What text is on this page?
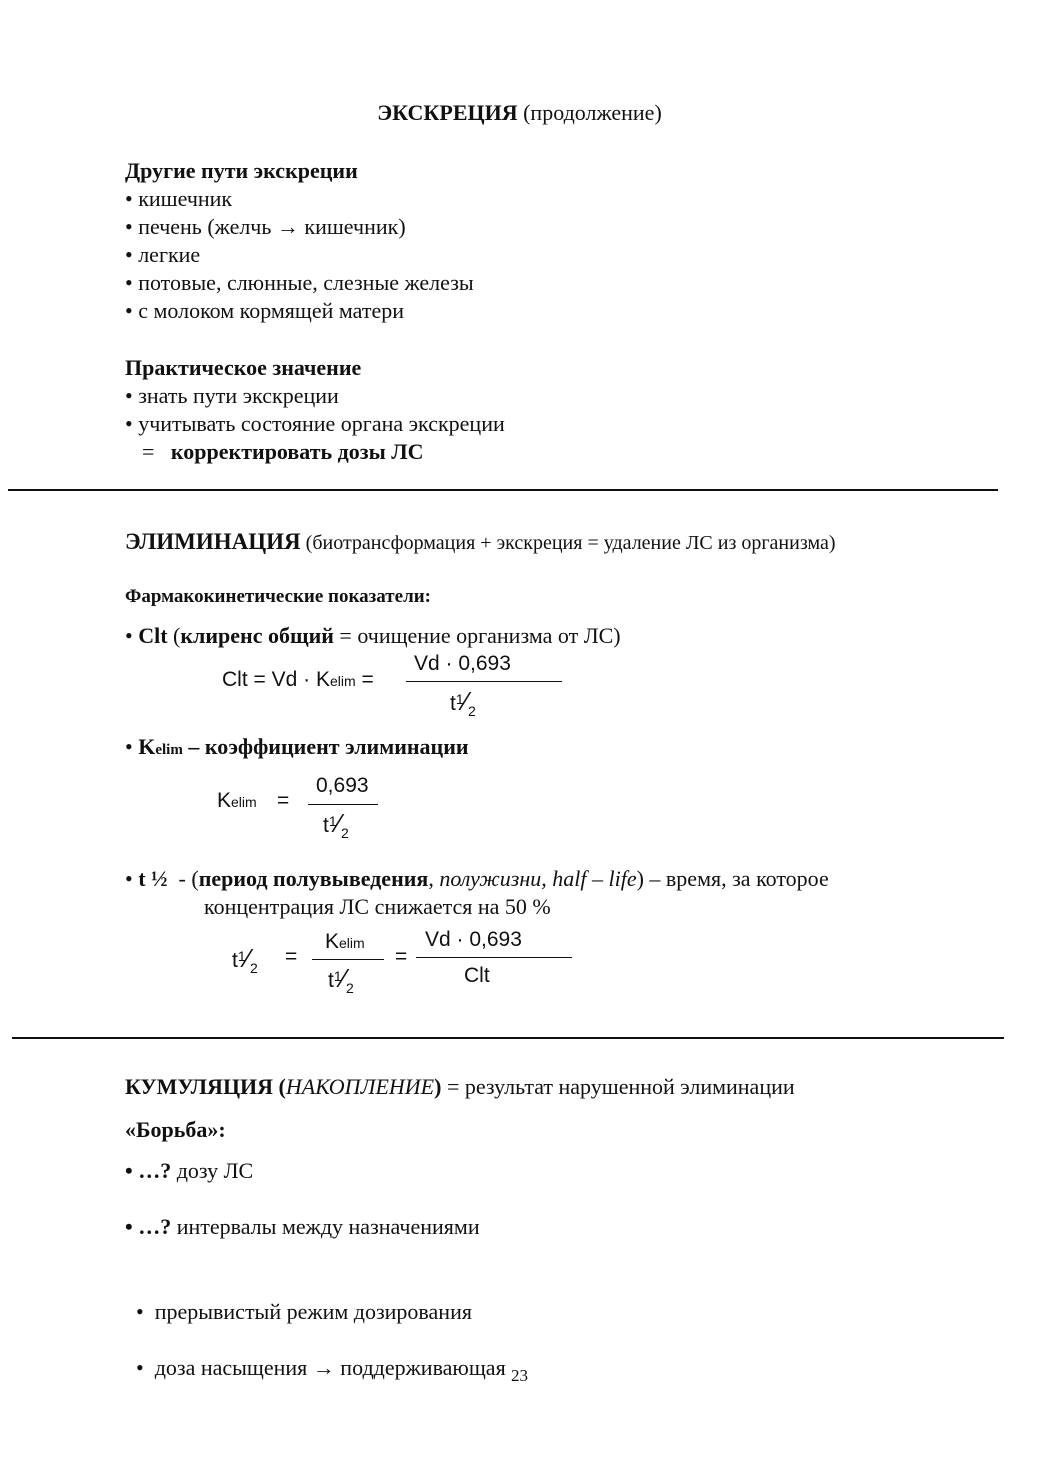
ЭКСКРЕЦИЯ (продолжение)
Другие пути экскреции
• кишечник
• печень (желчь → кишечник)
• легкие
• потовые, слюнные, слезные железы
• с молоком кормящей матери
Практическое значение
• знать пути экскреции
• учитывать состояние органа экскреции
= корректировать дозы ЛС
ЭЛИМИНАЦИЯ (биотрансформация + экскреция = удаление ЛС из организма)
Фармакокинетические показатели:
• Clt (клиренс общий = очищение организма от ЛС)
Clt = Vd · Kelim =
Vd · 0,693
$t^1⁄_2$
• Kelim – коэффициент элиминации
Kelim =
0,693
$t^1⁄_2$
• t ½  - (период полувыведения, полужизни, half – life) – время, за которое
концентрация ЛС снижается на 50 %
$t^1⁄_2$ =
Kelim
$t^1⁄_2$
=
Vd · 0,693
Clt
КУМУЛЯЦИЯ (НАКОПЛЕНИЕ) = результат нарушенной элиминации
«Борьба»:
• …? дозу ЛС
• …? интервалы между назначениями

•  прерывистый режим дозирования

•  доза насыщения → поддерживающая 23
